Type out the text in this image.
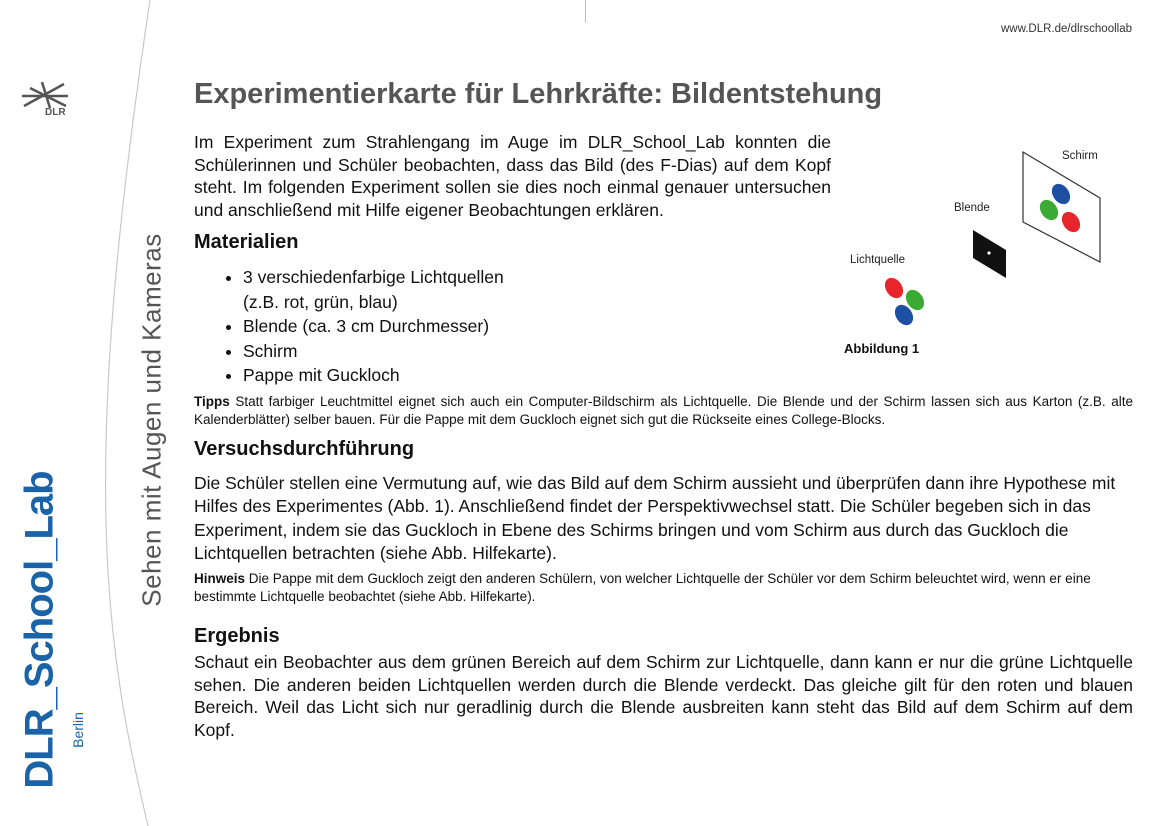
www.DLR.de/dlrschoollab
DLR
Sehen mit Augen und Kameras
DLR_School_Lab Berlin
Experimentierkarte für Lehrkräfte: Bildentstehung

Im Experiment zum Strahlengang im Auge im DLR_School_Lab konnten die Schülerinnen und Schüler beobachten, dass das Bild (des F-Dias) auf dem Kopf steht. Im folgenden Experiment sollen sie dies noch einmal genauer untersuchen und anschließend mit Hilfe eigener Beobachtungen erklären.

Materialien
• 3 verschiedenfarbige Lichtquellen
(z.B. rot, grün, blau)
• Blende (ca. 3 cm Durchmesser)
• Schirm
• Pappe mit Guckloch
Schirm
Blende
Lichtquelle
Abbildung 1

Tipps Statt farbiger Leuchtmittel eignet sich auch ein Computer-Bildschirm als Lichtquelle. Die Blende und der Schirm lassen sich aus Karton (z.B. alte Kalenderblätter) selber bauen. Für die Pappe mit dem Guckloch eignet sich gut die Rückseite eines College-Blocks.

Versuchsdurchführung

Die Schüler stellen eine Vermutung auf, wie das Bild auf dem Schirm aussieht und überprüfen dann ihre Hypothese mit Hilfes des Experimentes (Abb. 1). Anschließend findet der Perspektivwechsel statt. Die Schüler begeben sich in das Experiment, indem sie das Guckloch in Ebene des Schirms bringen und vom Schirm aus durch das Guckloch die Lichtquellen betrachten (siehe Abb. Hilfekarte).

Hinweis Die Pappe mit dem Guckloch zeigt den anderen Schülern, von welcher Lichtquelle der Schüler vor dem Schirm beleuchtet wird, wenn er eine bestimmte Lichtquelle beobachtet (siehe Abb. Hilfekarte).

Ergebnis

Schaut ein Beobachter aus dem grünen Bereich auf dem Schirm zur Lichtquelle, dann kann er nur die grüne Lichtquelle sehen. Die anderen beiden Lichtquellen werden durch die Blende verdeckt. Das gleiche gilt für den roten und blauen Bereich. Weil das Licht sich nur geradlinig durch die Blende ausbreiten kann steht das Bild auf dem Schirm auf dem Kopf.
